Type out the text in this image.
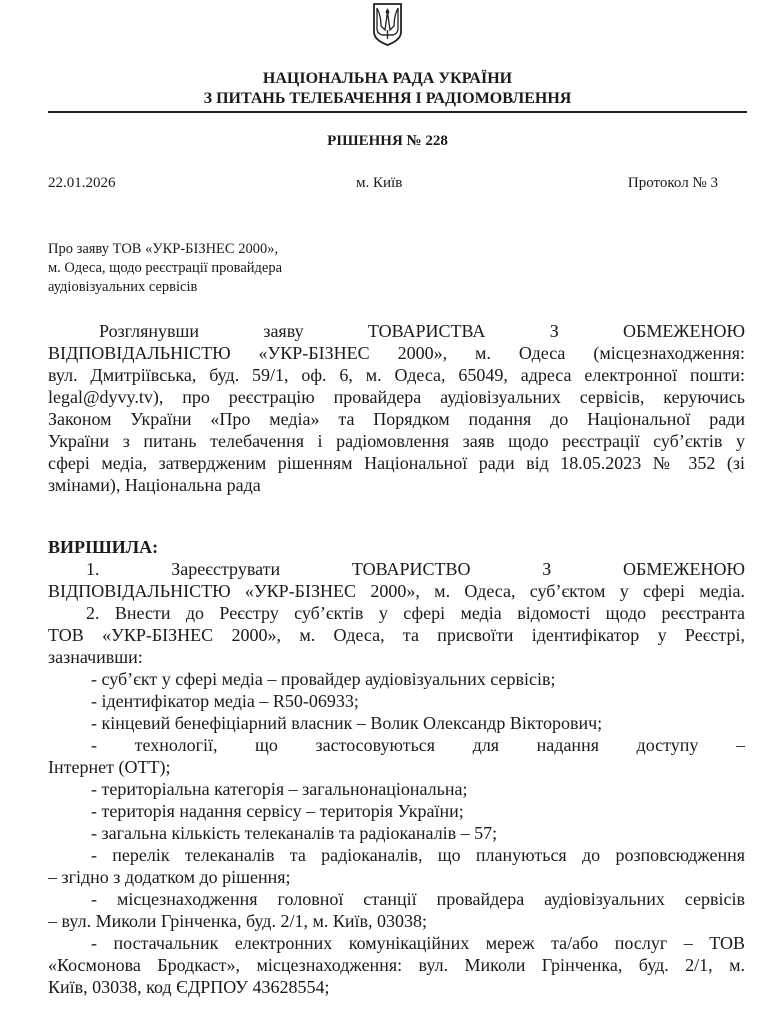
НАЦІОНАЛЬНА РАДА УКРАЇНИ
З ПИТАНЬ ТЕЛЕБАЧЕННЯ І РАДІОМОВЛЕННЯ
РІШЕННЯ № 228
22.01.2026	м. Київ	Протокол № 3
Про заяву ТОВ «УКР-БІЗНЕС 2000»,
м. Одеса, щодо реєстрації провайдера
аудіовізуальних сервісів
Розглянувши заяву ТОВАРИСТВА З ОБМЕЖЕНОЮ
ВІДПОВІДАЛЬНІСТЮ «УКР-БІЗНЕС 2000», м. Одеса (місцезнаходження:
вул. Дмитріївська, буд. 59/1, оф. 6, м. Одеса, 65049, адреса електронної пошти:
legal@dyvy.tv), про реєстрацію провайдера аудіовізуальних сервісів, керуючись
Законом України «Про медіа» та Порядком подання до Національної ради
України з питань телебачення і радіомовлення заяв щодо реєстрації суб’єктів у
сфері медіа, затвердженим рішенням Національної ради від 18.05.2023 № 352 (зі
змінами), Національна рада
ВИРІШИЛА:
1. Зареєструвати ТОВАРИСТВО З ОБМЕЖЕНОЮ
ВІДПОВІДАЛЬНІСТЮ «УКР-БІЗНЕС 2000», м. Одеса, суб’єктом у сфері медіа.
2. Внести до Реєстру суб’єктів у сфері медіа відомості щодо реєстранта
ТОВ «УКР-БІЗНЕС 2000», м. Одеса, та присвоїти ідентифікатор у Реєстрі,
зазначивши:
- суб’єкт у сфері медіа – провайдер аудіовізуальних сервісів;
- ідентифікатор медіа – R50-06933;
- кінцевий бенефіціарний власник – Волик Олександр Вікторович;
- технології, що застосовуються для надання доступу –
Інтернет (ОТТ);
- територіальна категорія – загальнонаціональна;
- територія надання сервісу – територія України;
- загальна кількість телеканалів та радіоканалів – 57;
- перелік телеканалів та радіоканалів, що плануються до розповсюдження
– згідно з додатком до рішення;
- місцезнаходження головної станції провайдера аудіовізуальних сервісів
– вул. Миколи Грінченка, буд. 2/1, м. Київ, 03038;
- постачальник електронних комунікаційних мереж та/або послуг – ТОВ
«Космонова Бродкаст», місцезнаходження: вул. Миколи Грінченка, буд. 2/1, м.
Київ, 03038, код ЄДРПОУ 43628554;
